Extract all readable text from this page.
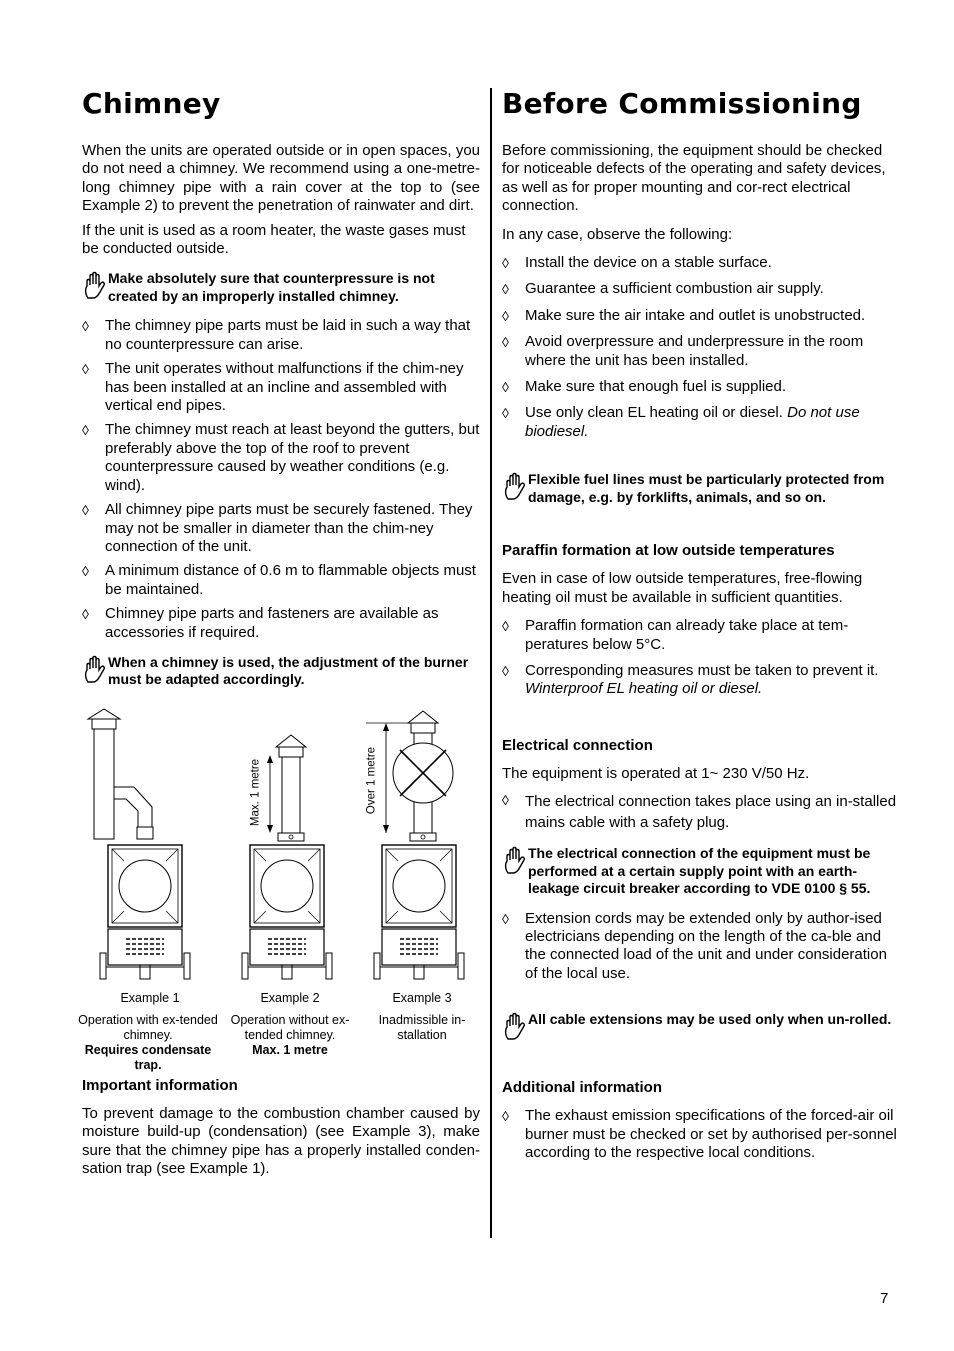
Chimney

When the units are operated outside or in open spaces, you do not need a chimney. We recommend using a one-metre-long chimney pipe with a rain cover at the top to (see Example 2) to prevent the penetration of rainwater and dirt.

If the unit is used as a room heater, the waste gases must be conducted outside.

Make absolutely sure that counterpressure is not created by an improperly installed chimney.
◊	The chimney pipe parts must be laid in such a way that no counterpressure can arise.
◊	The unit operates without malfunctions if the chim-ney has been installed at an incline and assembled with vertical end pipes.
◊	The chimney must reach at least beyond the gutters, but preferably above the top of the roof to prevent counterpressure caused by weather conditions (e.g. wind).
◊	All chimney pipe parts must be securely fastened. They may not be smaller in diameter than the chim-ney connection of the unit.
◊	A minimum distance of 0.6 m to flammable objects must be maintained.
◊	Chimney pipe parts and fasteners are available as accessories if required.
When a chimney is used, the adjustment of the burner must be adapted accordingly.
Max. 1 metre	Over 1 metre
Example 1
Operation with ex-tended chimney.
Requires condensate trap.
Example 2
Operation without ex-tended chimney.
Max. 1 metre
Example 3
Inadmissible in-stallation
Important information

To prevent damage to the combustion chamber caused by moisture build-up (condensation) (see Example 3), make sure that the chimney pipe has a properly installed conden-sation trap (see Example 1).

Before Commissioning

Before commissioning, the equipment should be checked for noticeable defects of the operating and safety devices, as well as for proper mounting and cor-rect electrical connection.

In any case, observe the following:

◊	Install the device on a stable surface.
◊	Guarantee a sufficient combustion air supply.
◊	Make sure the air intake and outlet is unobstructed.
◊	Avoid overpressure and underpressure in the room where the unit has been installed.
◊	Make sure that enough fuel is supplied.
◊	Use only clean EL heating oil or diesel. Do not use biodiesel.
Flexible fuel lines must be particularly protected from damage, e.g. by forklifts, animals, and so on.
Paraffin formation at low outside temperatures

Even in case of low outside temperatures, free-flowing heating oil must be available in sufficient quantities.

◊	Paraffin formation can already take place at tem-peratures below 5°C.
◊	Corresponding measures must be taken to prevent it.
Winterproof EL heating oil or diesel.
Electrical connection

The equipment is operated at 1~ 230 V/50 Hz.

◊	The electrical connection takes place using an in-stalled mains cable with a safety plug.
The electrical connection of the equipment must be performed at a certain supply point with an earth-leakage circuit breaker according to VDE 0100 § 55.
◊	Extension cords may be extended only by author-ised electricians depending on the length of the ca-ble and the connected load of the unit and under consideration of the local use.
All cable extensions may be used only when un-rolled.
Additional information
◊	The exhaust emission specifications of the forced-air oil burner must be checked or set by authorised per-sonnel according to the respective local conditions.
7
